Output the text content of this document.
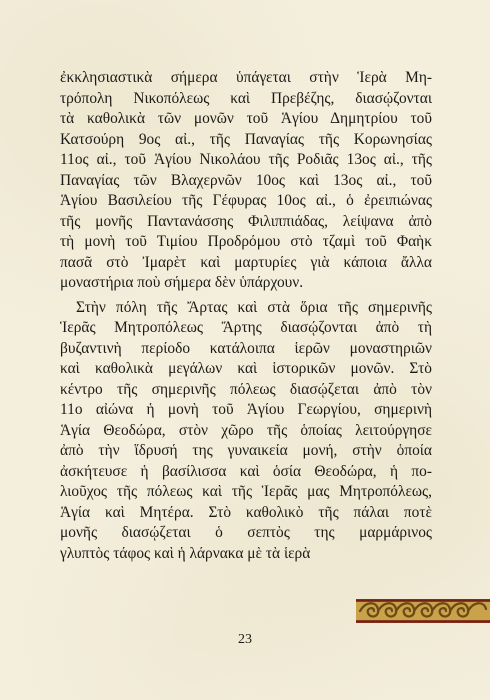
ἐκκλησιαστικὰ σήμερα ὑπάγεται στὴν Ἱερὰ Μη-
τρόπολη Νικοπόλεως καὶ Πρεβέζης, διασῴζονται
τὰ καθολικὰ τῶν μονῶν τοῦ Ἁγίου Δημητρίου τοῦ
Κατσούρη 9ος αἰ., τῆς Παναγίας τῆς Κορωνησίας
11ος αἰ., τοῦ Ἁγίου Νικολάου τῆς Ροδιᾶς 13ος αἰ., τῆς
Παναγίας τῶν Βλαχερνῶν 10ος καὶ 13ος αἰ., τοῦ
Ἁγίου Βασιλείου τῆς Γέφυρας 10ος αἰ., ὁ ἐρειπιώνας
τῆς μονῆς Παντανάσσης Φιλιππιάδας, λείψανα ἀπὸ
τὴ μονὴ τοῦ Τιμίου Προδρόμου στὸ τζαμὶ τοῦ Φαὴκ
πασᾶ στὸ Ἰμαρὲτ καὶ μαρτυρίες γιὰ κάποια ἄλλα
μοναστήρια ποὺ σήμερα δὲν ὑπάρχουν.

Στὴν πόλη τῆς Ἄρτας καὶ στὰ ὅρια τῆς σημερινῆς
Ἱερᾶς Μητροπόλεως Ἄρτης διασῴζονται ἀπὸ τὴ
βυζαντινὴ περίοδο κατάλοιπα ἱερῶν μοναστηριῶν
καὶ καθολικὰ μεγάλων καὶ ἱστορικῶν μονῶν. Στὸ
κέντρο τῆς σημερινῆς πόλεως διασῴζεται ἀπὸ τὸν
11ο αἰώνα ἡ μονὴ τοῦ Ἁγίου Γεωργίου, σημερινὴ
Ἁγία Θεοδώρα, στὸν χῶρο τῆς ὁποίας λειτούργησε
ἀπὸ τὴν ἵδρυσή της γυναικεία μονή, στὴν ὁποία
ἀσκήτευσε ἡ βασίλισσα καὶ ὁσία Θεοδώρα, ἡ πο-
λιοῦχος τῆς πόλεως καὶ τῆς Ἱερᾶς μας Μητροπόλεως,
Ἁγία καὶ Μητέρα. Στὸ καθολικὸ τῆς πάλαι ποτὲ
μονῆς διασῴζεται ὁ σεπτὸς της μαρμάρινος
γλυπτὸς τάφος καὶ ἡ λάρνακα μὲ τὰ ἱερὰ

23
